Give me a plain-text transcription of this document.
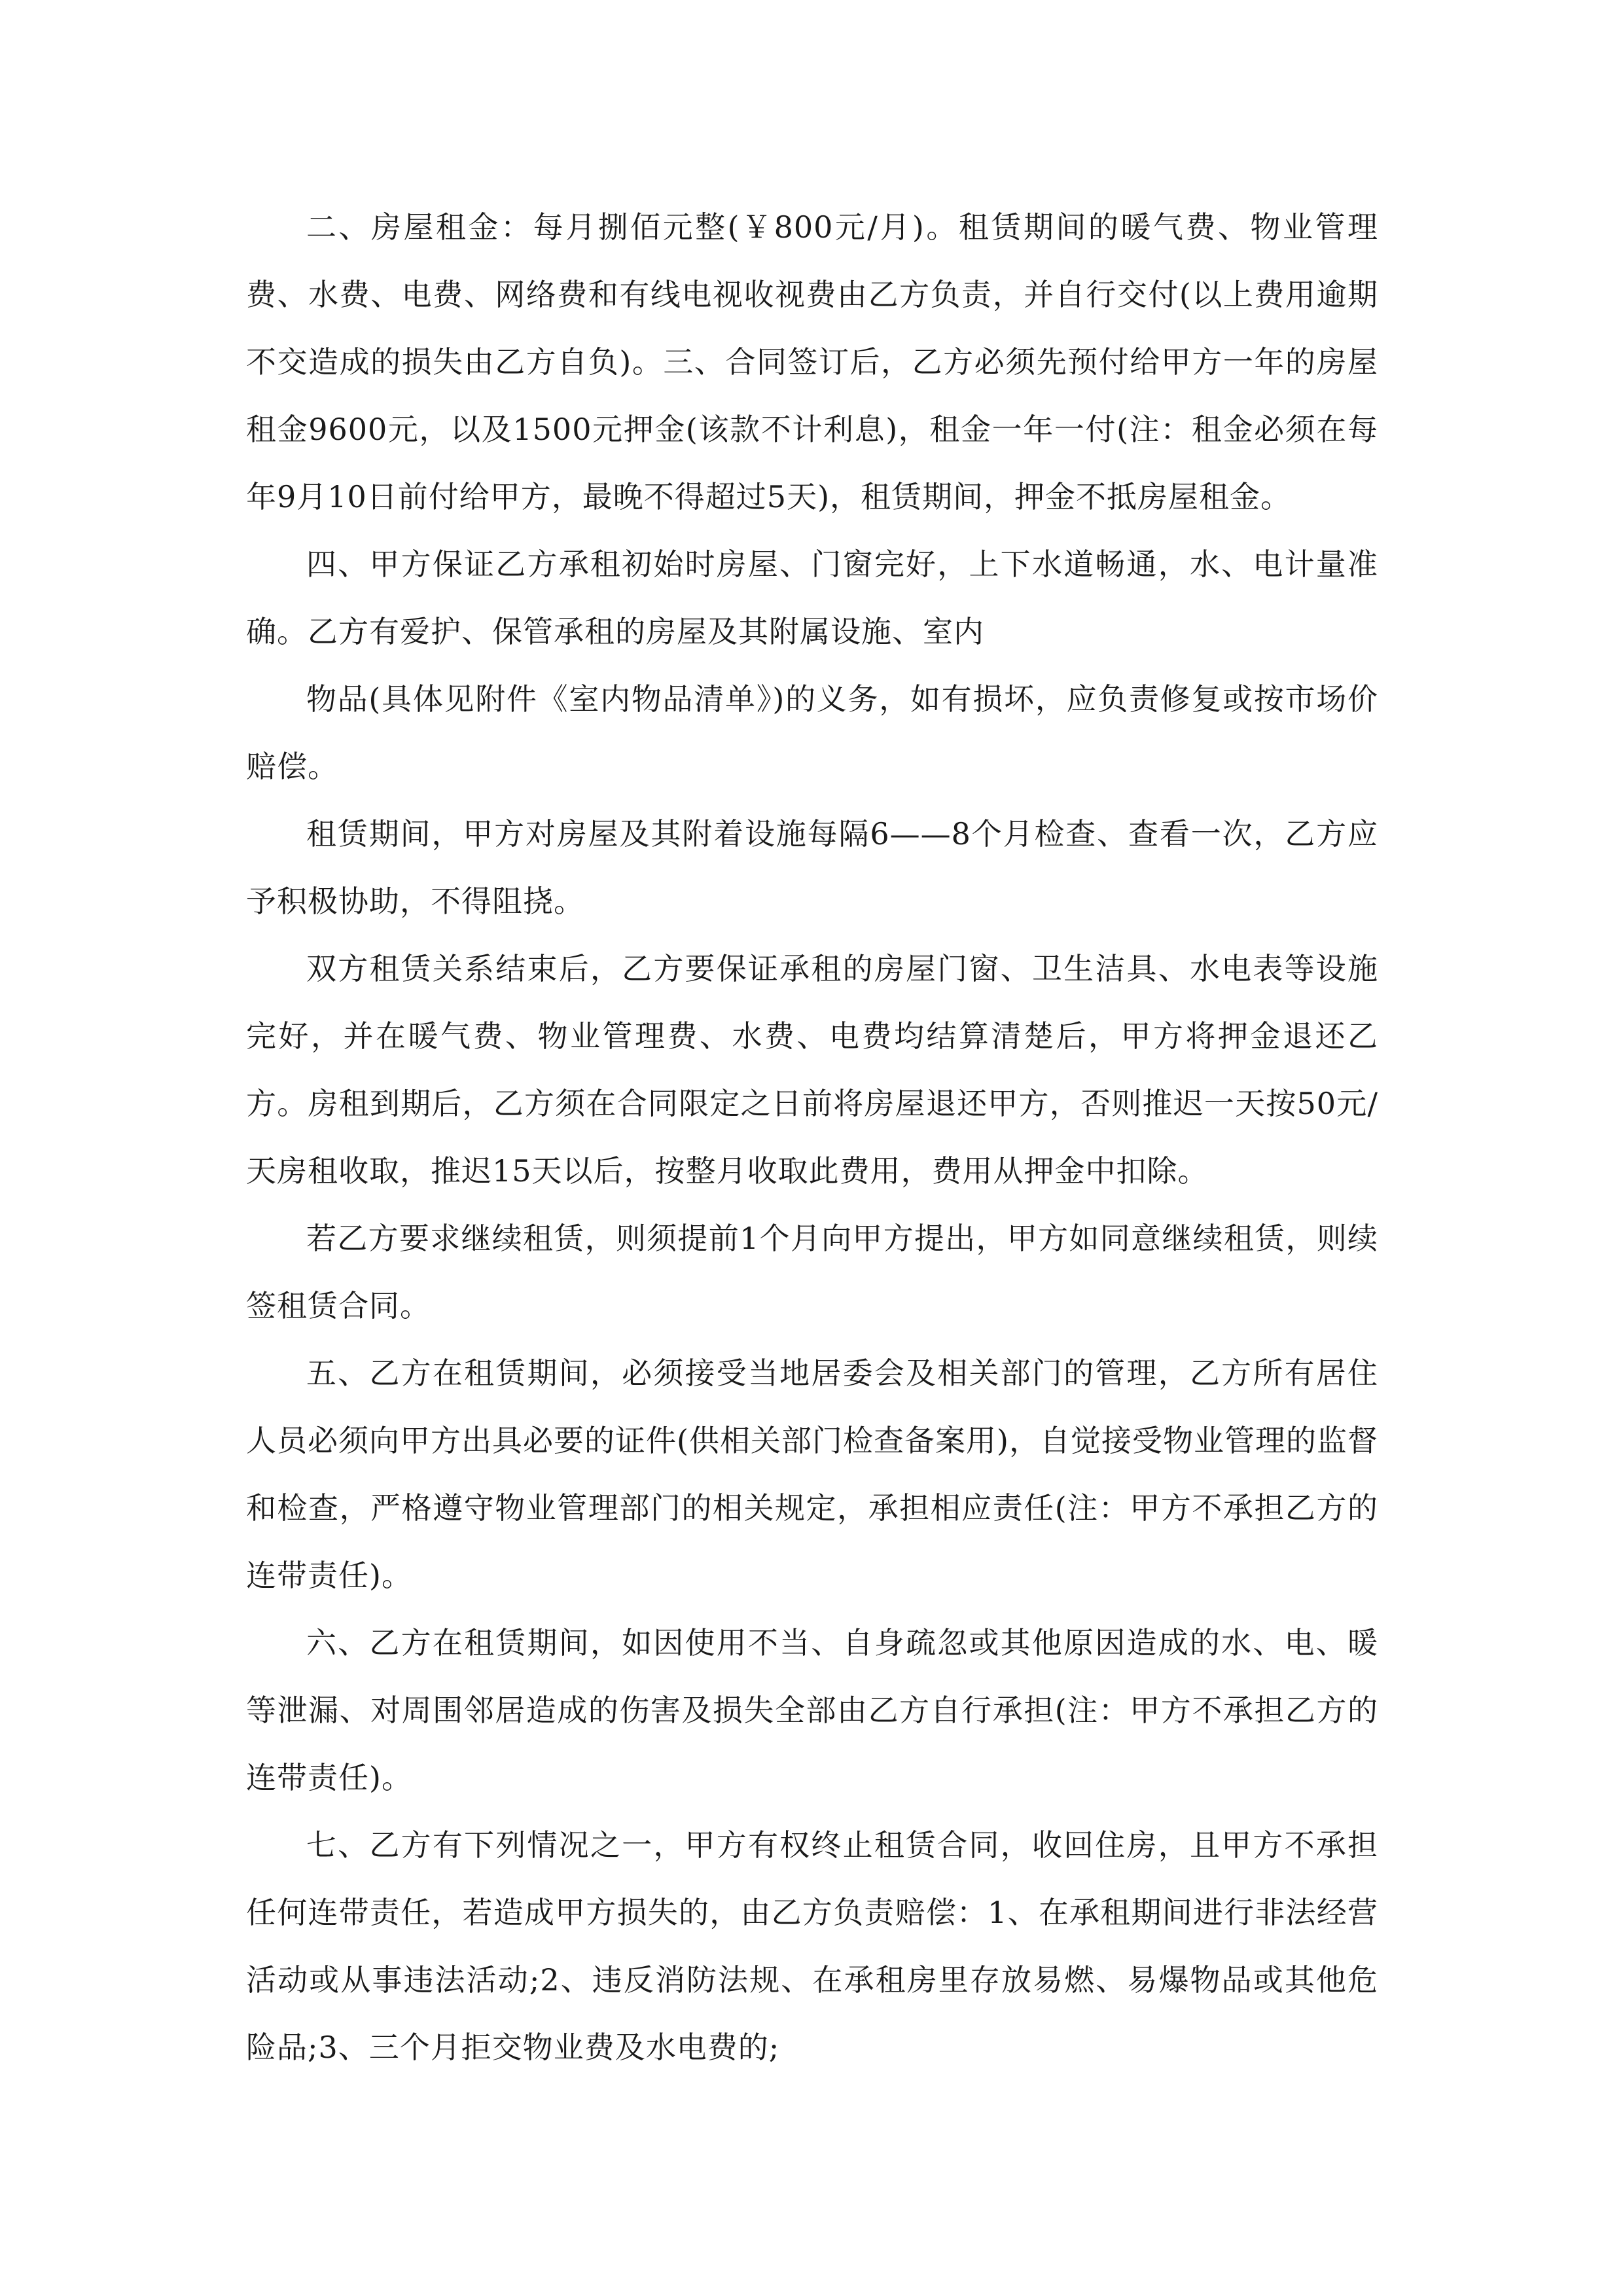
二、房屋租金：每月捌佰元整(￥800元/月)。租赁期间的暖气费、物业管理费、水费、电费、网络费和有线电视收视费由乙方负责，并自行交付(以上费用逾期不交造成的损失由乙方自负)。三、合同签订后，乙方必须先预付给甲方一年的房屋租金9600元，以及1500元押金(该款不计利息)，租金一年一付(注：租金必须在每年9月10日前付给甲方，最晚不得超过5天)，租赁期间，押金不抵房屋租金。

四、甲方保证乙方承租初始时房屋、门窗完好，上下水道畅通，水、电计量准确。乙方有爱护、保管承租的房屋及其附属设施、室内

物品(具体见附件《室内物品清单》)的义务，如有损坏，应负责修复或按市场价赔偿。

租赁期间，甲方对房屋及其附着设施每隔6——8个月检查、查看一次，乙方应予积极协助，不得阻挠。

双方租赁关系结束后，乙方要保证承租的房屋门窗、卫生洁具、水电表等设施完好，并在暖气费、物业管理费、水费、电费均结算清楚后，甲方将押金退还乙方。房租到期后，乙方须在合同限定之日前将房屋退还甲方，否则推迟一天按50元/天房租收取，推迟15天以后，按整月收取此费用，费用从押金中扣除。

若乙方要求继续租赁，则须提前1个月向甲方提出，甲方如同意继续租赁，则续签租赁合同。

五、乙方在租赁期间，必须接受当地居委会及相关部门的管理，乙方所有居住人员必须向甲方出具必要的证件(供相关部门检查备案用)，自觉接受物业管理的监督和检查，严格遵守物业管理部门的相关规定，承担相应责任(注：甲方不承担乙方的连带责任)。

六、乙方在租赁期间，如因使用不当、自身疏忽或其他原因造成的水、电、暖等泄漏、对周围邻居造成的伤害及损失全部由乙方自行承担(注：甲方不承担乙方的连带责任)。

七、乙方有下列情况之一，甲方有权终止租赁合同，收回住房，且甲方不承担任何连带责任，若造成甲方损失的，由乙方负责赔偿：1、在承租期间进行非法经营活动或从事违法活动;2、违反消防法规、在承租房里存放易燃、易爆物品或其他危险品;3、三个月拒交物业费及水电费的;
